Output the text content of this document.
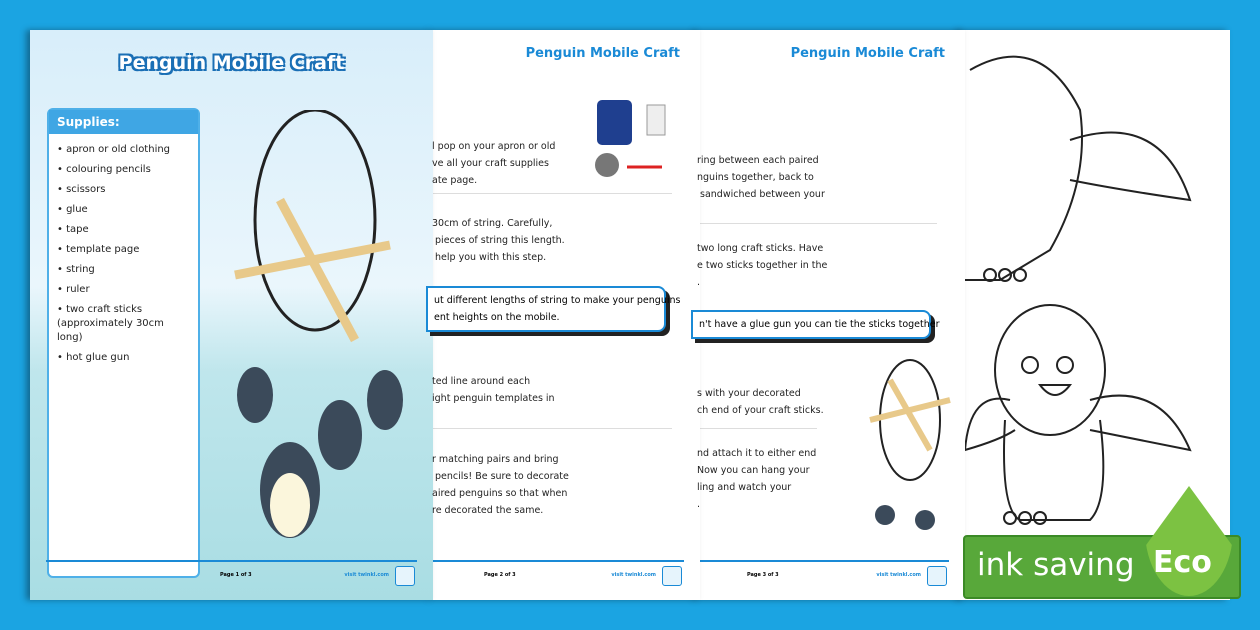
Penguin Mobile Craft
ring between each paired
nguins together, back to
sandwiched between your
two long craft sticks. Have
e two sticks together in the
.
n't have a glue gun you can tie the sticks together
s with your decorated
ch end of your craft sticks.
nd attach it to either end
Now you can hang your
ling and watch your
.
Page 3 of 3	visit twinkl.com
Penguin Mobile Craft
l pop on your apron or old
ve all your craft supplies
ate page.
30cm of string. Carefully,
pieces of string this length.
help you with this step.
ut different lengths of string to make your penguins
ent heights on the mobile.
ted line around each
ight penguin templates in
r matching pairs and bring
pencils! Be sure to decorate
aired penguins so that when
re decorated the same.
Page 2 of 3	visit twinkl.com
Penguin Mobile Craft
Supplies:
• apron or old clothing
• colouring pencils
• scissors
• glue
• tape
• template page
• string
• ruler
• two craft sticks (approximately 30cm long)
• hot glue gun
Page 1 of 3	visit twinkl.com	ink saving Eco
